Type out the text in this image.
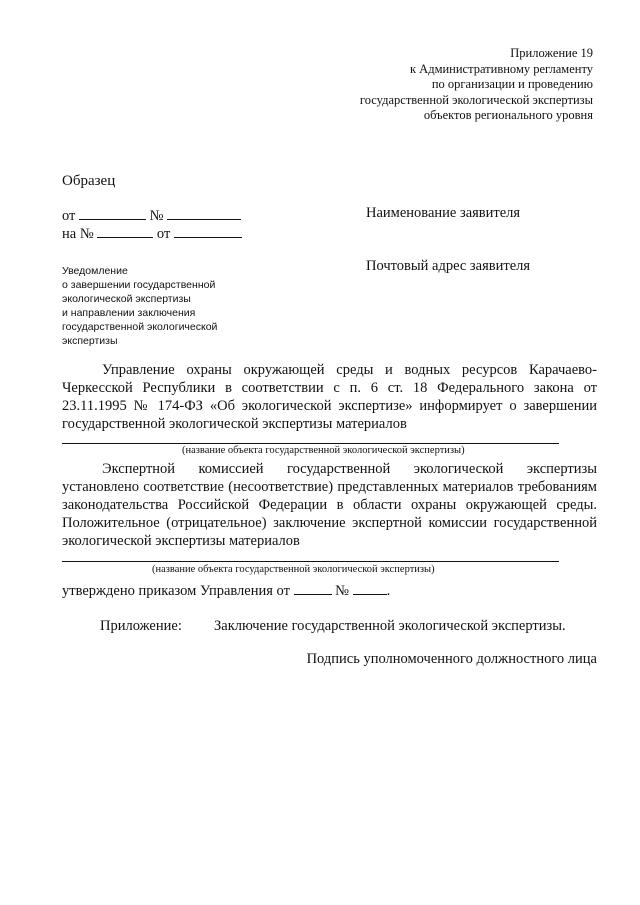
Приложение 19
к Административному регламенту
по организации и проведению
государственной экологической экспертизы
объектов регионального уровня
Образец
от	№
на №	от
Наименование заявителя
Почтовый адрес заявителя
Уведомление
о завершении государственной
экологической экспертизы
и направлении заключения
государственной экологической
экспертизы

Управление охраны окружающей среды и водных ресурсов Карачаево-Черкесской Республики в соответствии с п. 6 ст. 18 Федерального закона от 23.11.1995 № 174-ФЗ «Об экологической экспертизе» информирует о завершении государственной экологической экспертизы материалов

(название объекта государственной экологической экспертизы)

Экспертной комиссией государственной экологической экспертизы установлено соответствие (несоответствие) представленных материалов требованиям законодательства Российской Федерации в области охраны окружающей среды. Положительное (отрицательное) заключение экспертной комиссии государственной экологической экспертизы материалов

(название объекта государственной экологической экспертизы)
утверждено приказом Управления от	№	.
Приложение: Заключение государственной экологической экспертизы.
Подпись уполномоченного должностного лица
